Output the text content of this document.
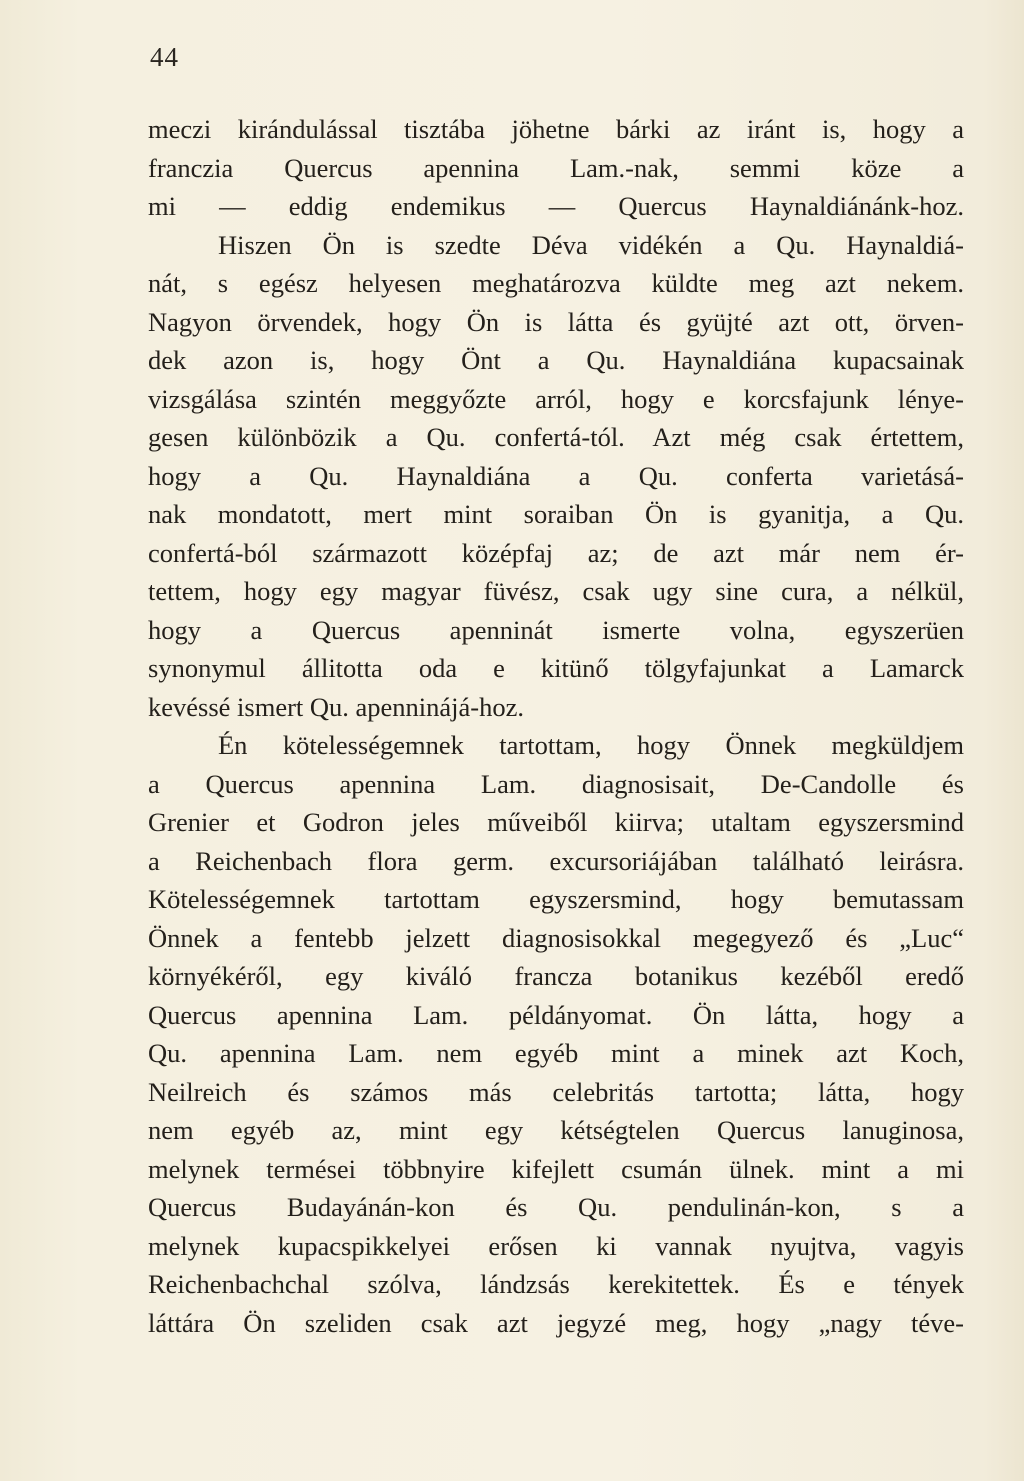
44
meczi kirándulással tisztába jöhetne bárki az iránt is, hogy a
franczia Quercus apennina Lam.-nak, semmi köze a
mi — eddig endemikus — Quercus Haynaldiánánk-hoz.
Hiszen Ön is szedte Déva vidékén a Qu. Haynaldiá-
nát, s egész helyesen meghatározva küldte meg azt nekem.
Nagyon örvendek, hogy Ön is látta és gyüjté azt ott, örven-
dek azon is, hogy Önt a Qu. Haynaldiána kupacsainak
vizsgálása szintén meggyőzte arról, hogy e korcsfajunk lénye-
gesen különbözik a Qu. confertá-tól. Azt még csak értettem,
hogy a Qu. Haynaldiána a Qu. conferta varietásá-
nak mondatott, mert mint soraiban Ön is gyanitja, a Qu.
confertá-ból származott középfaj az; de azt már nem ér-
tettem, hogy egy magyar füvész, csak ugy sine cura, a nélkül,
hogy a Quercus apenninát ismerte volna, egyszerüen
synonymul állitotta oda e kitünő tölgyfajunkat a Lamarck
kevéssé ismert Qu. apenninájá-hoz.
Én kötelességemnek tartottam, hogy Önnek megküldjem
a Quercus apennina Lam. diagnosisait, De-Candolle és
Grenier et Godron jeles műveiből kiirva; utaltam egyszersmind
a Reichenbach flora germ. excursoriájában található leirásra.
Kötelességemnek tartottam egyszersmind, hogy bemutassam
Önnek a fentebb jelzett diagnosisokkal megegyező és „Luc“
környékéről, egy kiváló francza botanikus kezéből eredő
Quercus apennina Lam. példányomat. Ön látta, hogy a
Qu. apennina Lam. nem egyéb mint a minek azt Koch,
Neilreich és számos más celebritás tartotta; látta, hogy
nem egyéb az, mint egy kétségtelen Quercus lanuginosa,
melynek termései többnyire kifejlett csumán ülnek. mint a mi
Quercus Budayánán-kon és Qu. pendulinán-kon, s a
melynek kupacspikkelyei erősen ki vannak nyujtva, vagyis
Reichenbachchal szólva, lándzsás kerekitettek. És e tények
láttára Ön szeliden csak azt jegyzé meg, hogy „nagy téve-
